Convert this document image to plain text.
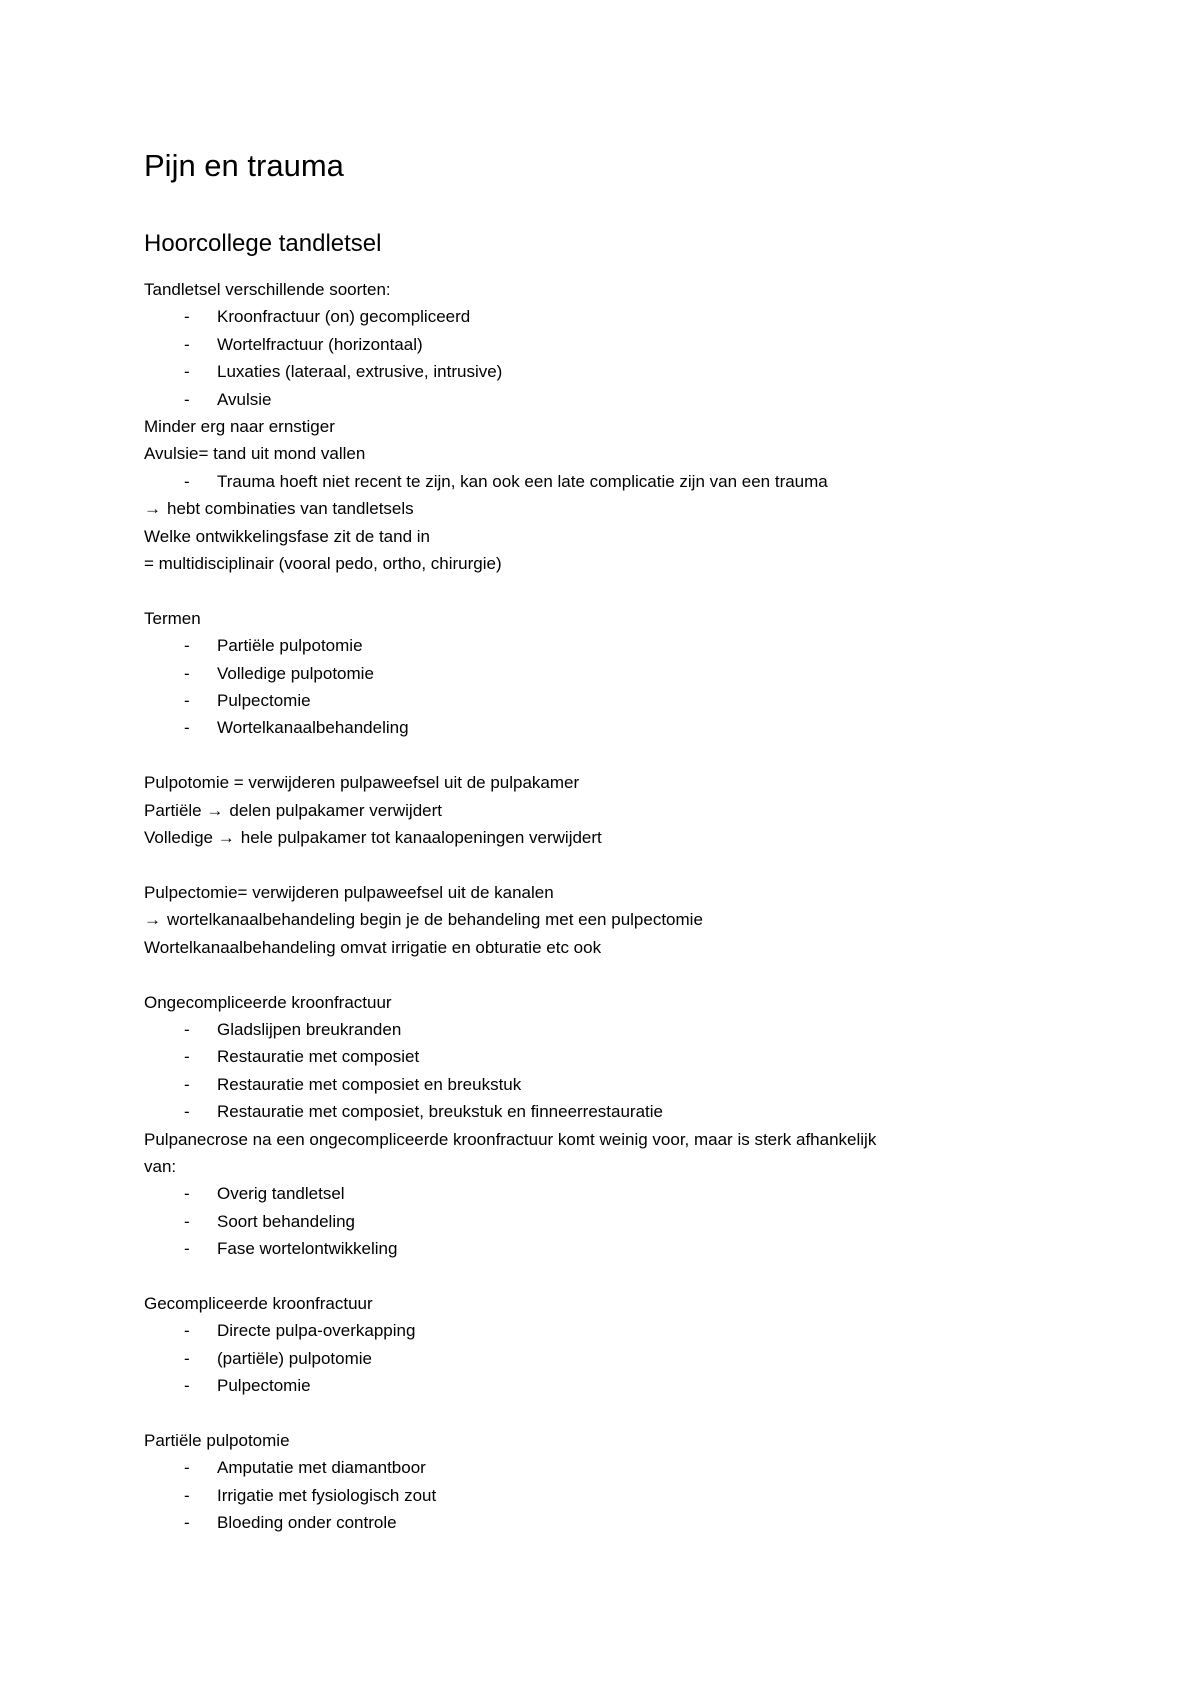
Pijn en trauma
Hoorcollege tandletsel
Tandletsel verschillende soorten:
- Kroonfractuur (on) gecompliceerd
- Wortelfractuur (horizontaal)
- Luxaties (lateraal, extrusive, intrusive)
- Avulsie
Minder erg naar ernstiger
Avulsie= tand uit mond vallen
- Trauma hoeft niet recent te zijn, kan ook een late complicatie zijn van een trauma
→ hebt combinaties van tandletsels
Welke ontwikkelingsfase zit de tand in
= multidisciplinair (vooral pedo, ortho, chirurgie)
Termen
- Partiële pulpotomie
- Volledige pulpotomie
- Pulpectomie
- Wortelkanaalbehandeling
Pulpotomie = verwijderen pulpaweefsel uit de pulpakamer
Partiële → delen pulpakamer verwijdert
Volledige → hele pulpakamer tot kanaalopeningen verwijdert
Pulpectomie= verwijderen pulpaweefsel uit de kanalen
→ wortelkanaalbehandeling begin je de behandeling met een pulpectomie
Wortelkanaalbehandeling omvat irrigatie en obturatie etc ook
Ongecompliceerde kroonfractuur
- Gladslijpen breukranden
- Restauratie met composiet
- Restauratie met composiet en breukstuk
- Restauratie met composiet, breukstuk en finneerrestauratie
Pulpanecrose na een ongecompliceerde kroonfractuur komt weinig voor, maar is sterk afhankelijk
van:
- Overig tandletsel
- Soort behandeling
- Fase wortelontwikkeling
Gecompliceerde kroonfractuur
- Directe pulpa-overkapping
- (partiële) pulpotomie
- Pulpectomie
Partiële pulpotomie
- Amputatie met diamantboor
- Irrigatie met fysiologisch zout
- Bloeding onder controle
